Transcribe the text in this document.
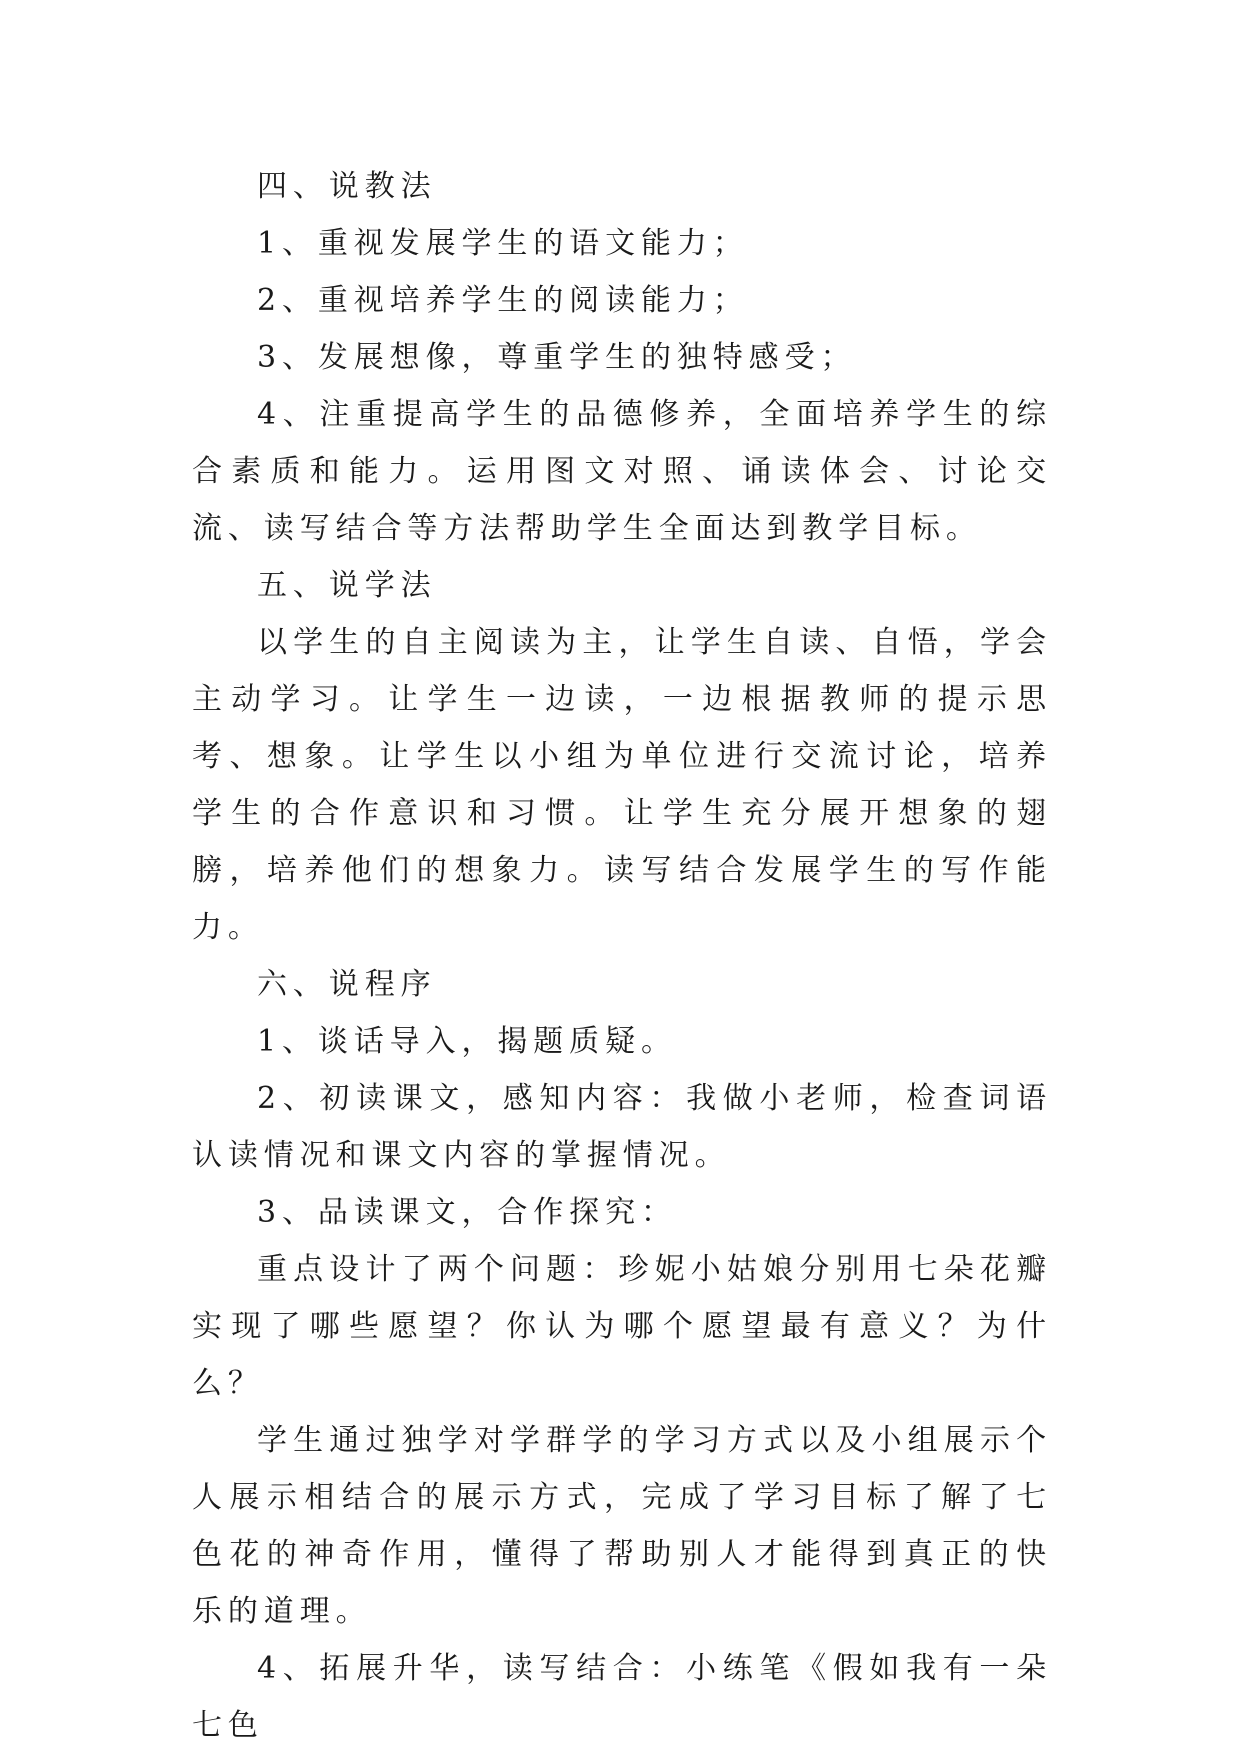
四、说教法

1、重视发展学生的语文能力；

2、重视培养学生的阅读能力；

3、发展想像，尊重学生的独特感受；

4、注重提高学生的品德修养，全面培养学生的综合素质和能力。运用图文对照、诵读体会、讨论交流、读写结合等方法帮助学生全面达到教学目标。

五、说学法

以学生的自主阅读为主，让学生自读、自悟，学会主动学习。让学生一边读，一边根据教师的提示思考、想象。让学生以小组为单位进行交流讨论，培养学生的合作意识和习惯。让学生充分展开想象的翅膀，培养他们的想象力。读写结合发展学生的写作能力。

六、说程序

1、谈话导入，揭题质疑。

2、初读课文，感知内容：我做小老师，检查词语认读情况和课文内容的掌握情况。

3、品读课文，合作探究：

重点设计了两个问题：珍妮小姑娘分别用七朵花瓣实现了哪些愿望？你认为哪个愿望最有意义？为什么？

学生通过独学对学群学的学习方式以及小组展示个人展示相结合的展示方式，完成了学习目标了解了七色花的神奇作用，懂得了帮助别人才能得到真正的快乐的道理。

4、拓展升华，读写结合：小练笔《假如我有一朵七色
